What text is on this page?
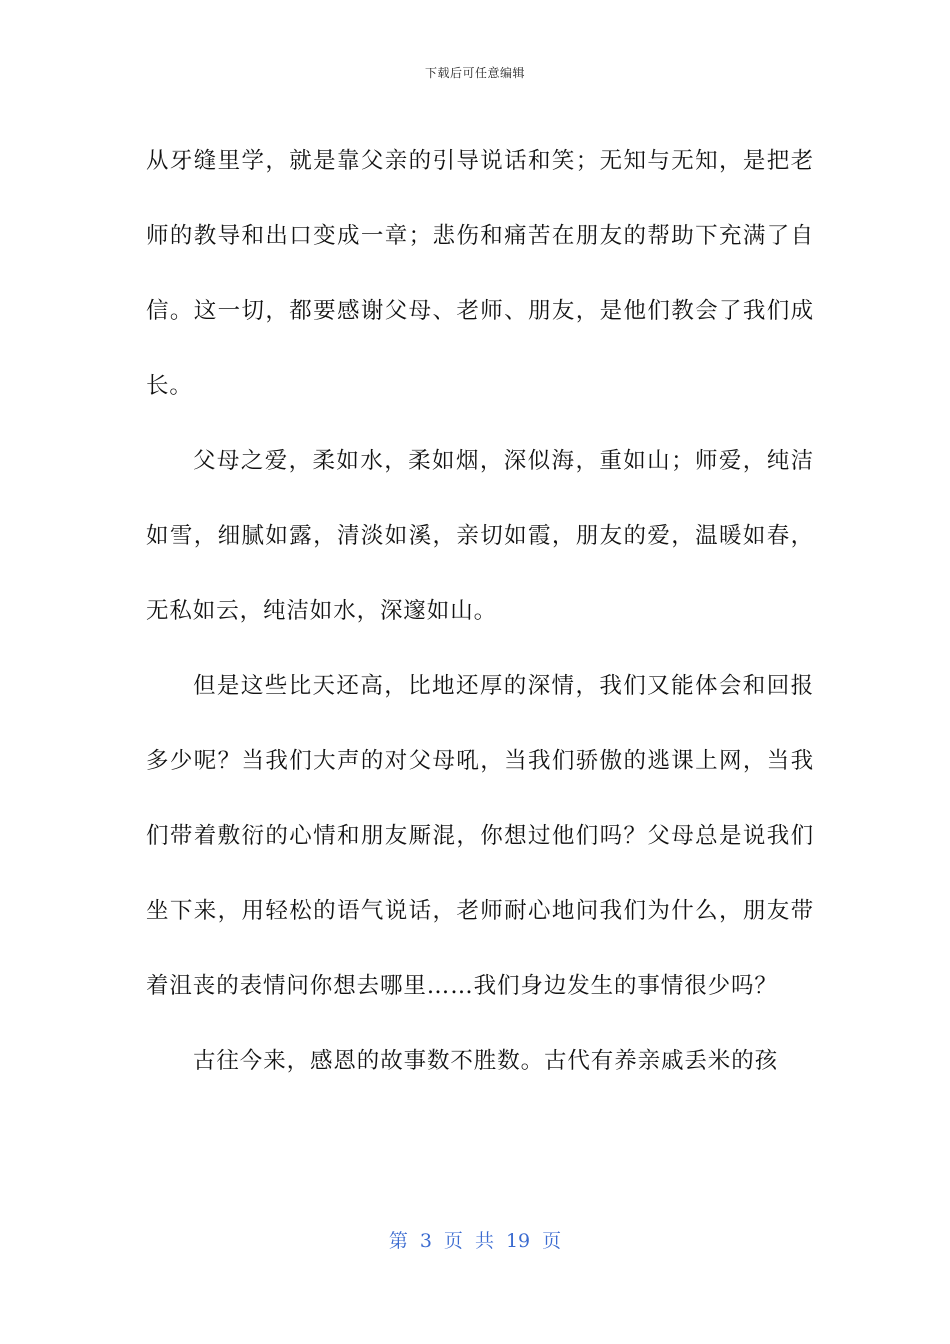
下载后可任意编辑

从牙缝里学，就是靠父亲的引导说话和笑；无知与无知，是把老师的教导和出口变成一章；悲伤和痛苦在朋友的帮助下充满了自信。这一切，都要感谢父母、老师、朋友，是他们教会了我们成长。

父母之爱，柔如水，柔如烟，深似海，重如山；师爱，纯洁如雪，细腻如露，清淡如溪，亲切如霞，朋友的爱，温暖如春，无私如云，纯洁如水，深邃如山。

但是这些比天还高，比地还厚的深情，我们又能体会和回报多少呢？当我们大声的对父母吼，当我们骄傲的逃课上网，当我们带着敷衍的心情和朋友厮混，你想过他们吗？父母总是说我们坐下来，用轻松的语气说话，老师耐心地问我们为什么，朋友带着沮丧的表情问你想去哪里……我们身边发生的事情很少吗？

古往今来，感恩的故事数不胜数。古代有养亲戚丢米的孩

第 3 页 共 19 页
